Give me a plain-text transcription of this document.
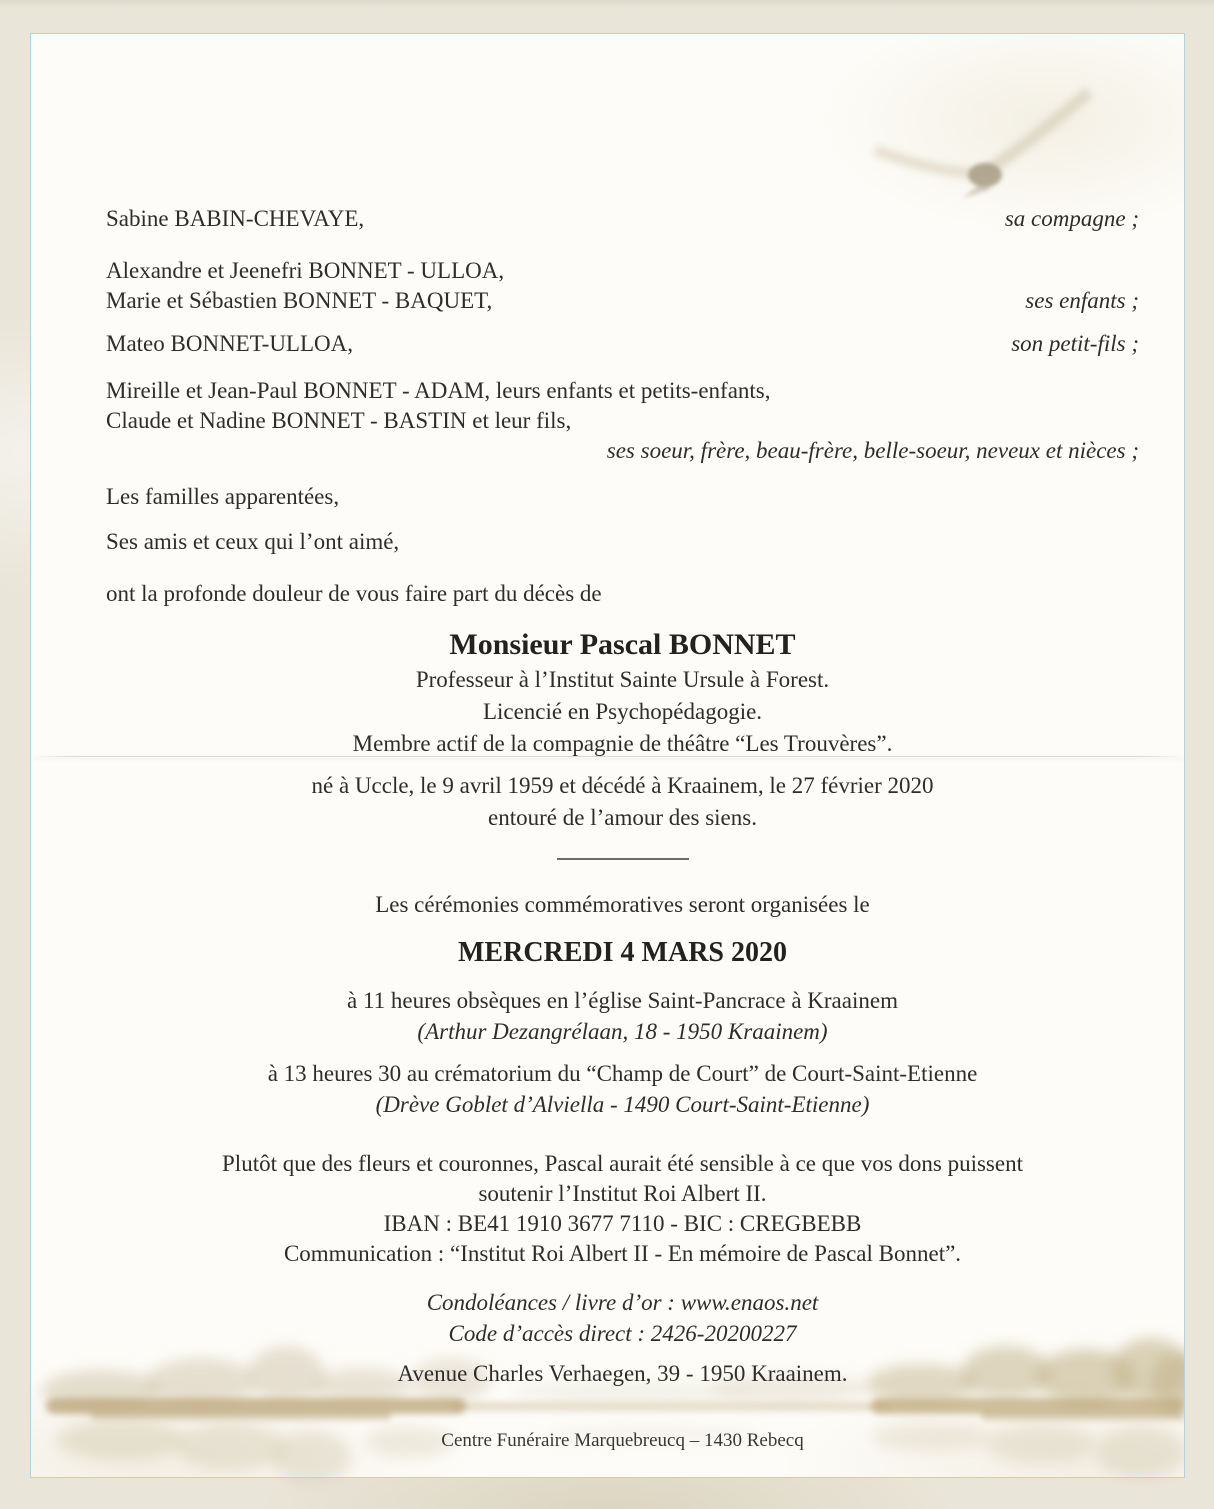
Sabine BABIN-CHEVAYE,	sa compagne ;
Alexandre et Jeenefri BONNET - ULLOA,
Marie et Sébastien BONNET - BAQUET,	ses enfants ;
Mateo BONNET-ULLOA,	son petit-fils ;
Mireille et Jean-Paul BONNET - ADAM, leurs enfants et petits-enfants,
Claude et Nadine BONNET - BASTIN et leur fils,
ses soeur, frère, beau-frère, belle-soeur, neveux et nièces ;
Les familles apparentées,
Ses amis et ceux qui l’ont aimé,
ont la profonde douleur de vous faire part du décès de
Monsieur Pascal BONNET
Professeur à l’Institut Sainte Ursule à Forest.
Licencié en Psychopédagogie.
Membre actif de la compagnie de théâtre “Les Trouvères”.
né à Uccle, le 9 avril 1959 et décédé à Kraainem, le 27 février 2020
entouré de l’amour des siens.
Les cérémonies commémoratives seront organisées le
MERCREDI 4 MARS 2020
à 11 heures obsèques en l’église Saint-Pancrace à Kraainem
(Arthur Dezangrélaan, 18 - 1950 Kraainem)
à 13 heures 30 au crématorium du “Champ de Court” de Court-Saint-Etienne
(Drève Goblet d’Alviella - 1490 Court-Saint-Etienne)
Plutôt que des fleurs et couronnes, Pascal aurait été sensible à ce que vos dons puissent
soutenir l’Institut Roi Albert II.
IBAN : BE41 1910 3677 7110 - BIC : CREGBEBB
Communication : “Institut Roi Albert II - En mémoire de Pascal Bonnet”.
Condoléances / livre d’or : www.enaos.net
Code d’accès direct : 2426-20200227
Avenue Charles Verhaegen, 39 - 1950 Kraainem.
Centre Funéraire Marquebreucq – 1430 Rebecq
